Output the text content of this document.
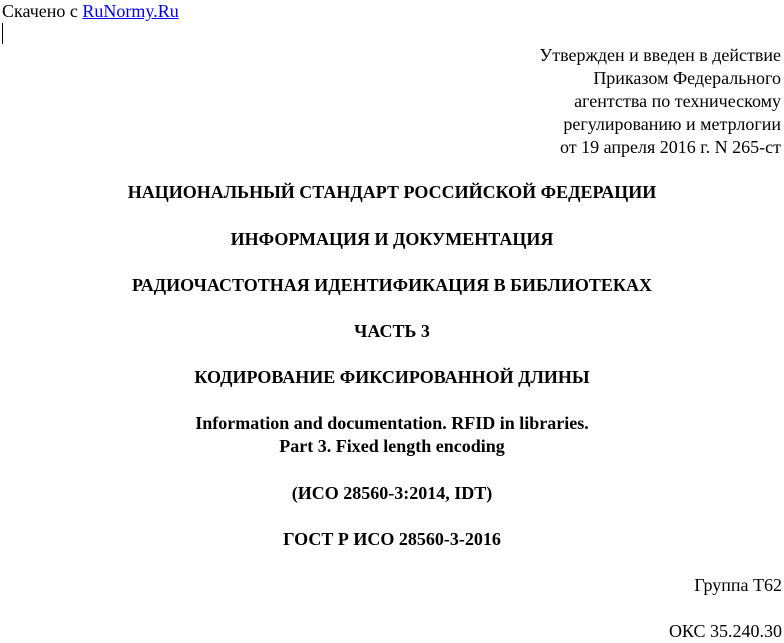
Скачено с RuNormy.Ru
Утвержден и введен в действие
Приказом Федерального
агентства по техническому
регулированию и метрлогии
от 19 апреля 2016 г. N 265-ст
НАЦИОНАЛЬНЫЙ СТАНДАРТ РОССИЙСКОЙ ФЕДЕРАЦИИ
ИНФОРМАЦИЯ И ДОКУМЕНТАЦИЯ
РАДИОЧАСТОТНАЯ ИДЕНТИФИКАЦИЯ В БИБЛИОТЕКАХ
ЧАСТЬ 3
КОДИРОВАНИЕ ФИКСИРОВАННОЙ ДЛИНЫ
Information and documentation. RFID in libraries.
Part 3. Fixed length encoding
(ИСО 28560-3:2014, IDT)
ГОСТ Р ИСО 28560-3-2016
Группа Т62
ОКС 35.240.30
